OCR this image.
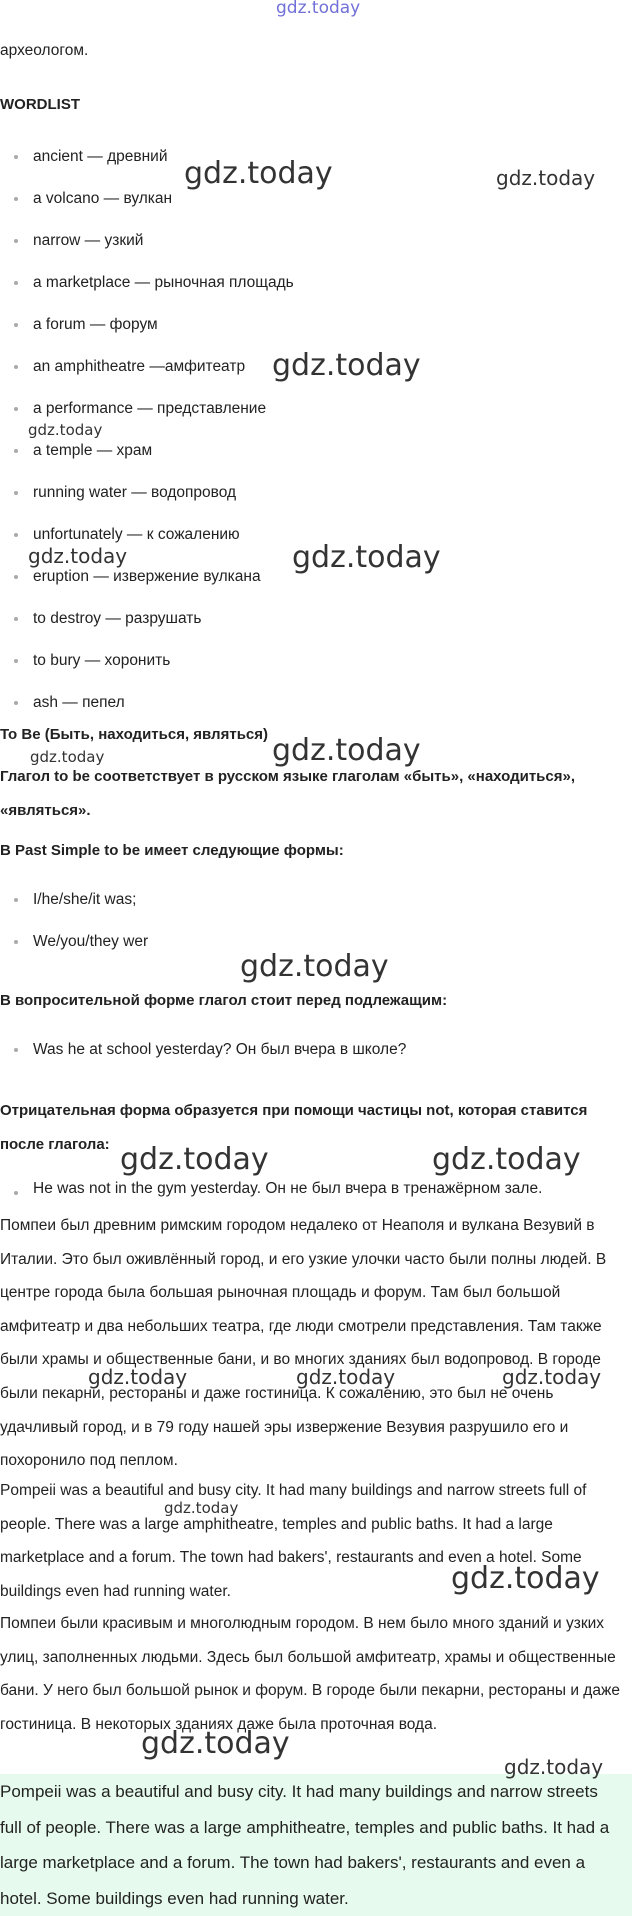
gdz.today
археологом.
WORDLIST
ancient — древний
a volcano — вулкан
narrow — узкий
a marketplace — рыночная площадь
a forum — форум
an amphitheatre —амфитеатр
a performance — представление
a temple — храм
running water — водопровод
unfortunately — к сожалению
eruption — извержение вулкана
to destroy — разрушать
to bury — хоронить
ash — пепел
To Be (Быть, находиться, являться)
Глагол to be соответствует в русском языке глаголам «быть», «находиться», «являться».
В Past Simple to be имеет следующие формы:
I/he/she/it was;
We/you/they wer
В вопросительной форме глагол стоит перед подлежащим:
Was he at school yesterday? Он был вчера в школе?
Отрицательная форма образуется при помощи частицы not, которая ставится после глагола:
He was not in the gym yesterday. Он не был вчера в тренажёрном зале.
Помпеи был древним римским городом недалеко от Неаполя и вулкана Везувий в Италии. Это был оживлённый город, и его узкие улочки часто были полны людей. В центре города была большая рыночная площадь и форум. Там был большой амфитеатр и два небольших театра, где люди смотрели представления. Там также были храмы и общественные бани, и во многих зданиях был водопровод. В городе были пекарни, рестораны и даже гостиница. К сожалению, это был не очень удачливый город, и в 79 году нашей эры извержение Везувия разрушило его и похоронило под пеплом.
Pompeii was a beautiful and busy city. It had many buildings and narrow streets full of people. There was a large amphitheatre, temples and public baths. It had a large marketplace and a forum. The town had bakers', restaurants and even a hotel. Some buildings even had running water.
Помпеи были красивым и многолюдным городом. В нем было много зданий и узких улиц, заполненных людьми. Здесь был большой амфитеатр, храмы и общественные бани. У него был большой рынок и форум. В городе были пекарни, рестораны и даже гостиница. В некоторых зданиях даже была проточная вода.
Pompeii was a beautiful and busy city. It had many buildings and narrow streets full of people. There was a large amphitheatre, temples and public baths. It had a large marketplace and a forum. The town had bakers', restaurants and even a hotel. Some buildings even had running water.
gdz.today	gdz.today
gdz.today
gdz.today
gdz.today	gdz.today
gdz.today
gdz.today
gdz.today
gdz.today	gdz.today
gdz.today	gdz.today	gdz.today
gdz.today
gdz.today
gdz.today
gdz.today
